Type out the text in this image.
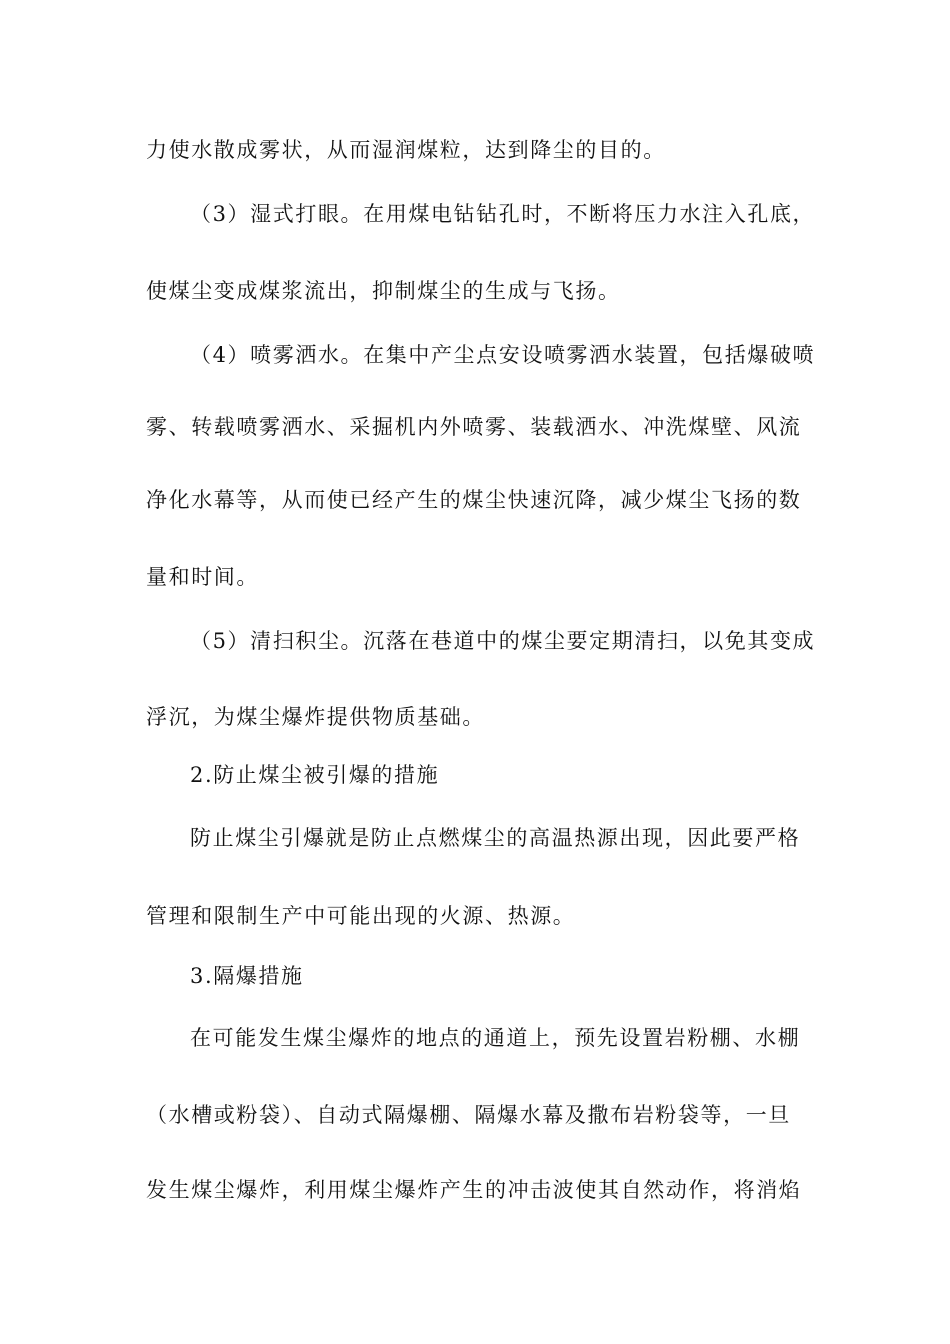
力使水散成雾状，从而湿润煤粒，达到降尘的目的。
（3）湿式打眼。在用煤电钻钻孔时，不断将压力水注入孔底，
使煤尘变成煤浆流出，抑制煤尘的生成与飞扬。
（4）喷雾洒水。在集中产尘点安设喷雾洒水装置，包括爆破喷
雾、转载喷雾洒水、采掘机内外喷雾、装载洒水、冲洗煤壁、风流
净化水幕等，从而使已经产生的煤尘快速沉降，减少煤尘飞扬的数
量和时间。
（5）清扫积尘。沉落在巷道中的煤尘要定期清扫，以免其变成
浮沉，为煤尘爆炸提供物质基础。
2.防止煤尘被引爆的措施
防止煤尘引爆就是防止点燃煤尘的高温热源出现，因此要严格
管理和限制生产中可能出现的火源、热源。
3.隔爆措施
在可能发生煤尘爆炸的地点的通道上，预先设置岩粉棚、水棚
（水槽或粉袋）、自动式隔爆棚、隔爆水幕及撒布岩粉袋等，一旦
发生煤尘爆炸，利用煤尘爆炸产生的冲击波使其自然动作，将消焰
